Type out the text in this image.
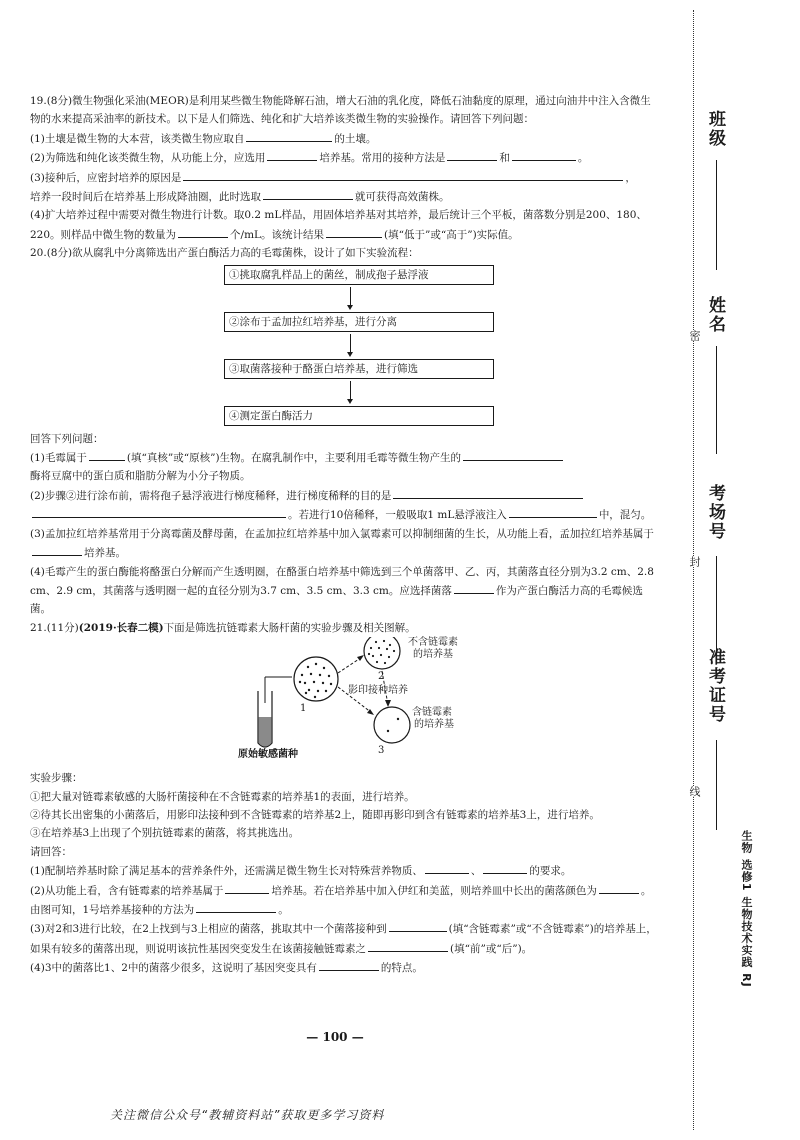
19.(8分)微生物强化采油(MEOR)是利用某些微生物能降解石油，增大石油的乳化度，降低石油黏度的原理，通过向油井中注入含微生物的水来提高采油率的新技术。以下是人们筛选、纯化和扩大培养该类微生物的实验操作。请回答下列问题：

(1)土壤是微生物的大本营，该类微生物应取自	的土壤。

(2)为筛选和纯化该类微生物，从功能上分，应选用	培养基。常用的接种方法是	和	。

(3)接种后，应密封培养的原因是	，
培养一段时间后在培养基上形成降油圈，此时选取	就可获得高效菌株。

(4)扩大培养过程中需要对微生物进行计数。取0.2 mL样品，用固体培养基对其培养，最后统计三个平板，菌落数分别是200、180、220。则样品中微生物的数量为	个/mL。该统计结果	(填“低于”或“高于”)实际值。

20.(8分)欲从腐乳中分离筛选出产蛋白酶活力高的毛霉菌株，设计了如下实验流程：

①挑取腐乳样品上的菌丝，制成孢子悬浮液
②涂布于孟加拉红培养基，进行分离
③取菌落接种于酪蛋白培养基，进行筛选
④测定蛋白酶活力

回答下列问题：

(1)毛霉属于	(填“真核”或“原核”)生物。在腐乳制作中，主要利用毛霉等微生物产生的
酶将豆腐中的蛋白质和脂肪分解为小分子物质。

(2)步骤②进行涂布前，需将孢子悬浮液进行梯度稀释，进行梯度稀释的目的是
。若进行10倍稀释，一般吸取1 mL悬浮液注入	中，混匀。

(3)孟加拉红培养基常用于分离霉菌及酵母菌，在孟加拉红培养基中加入氯霉素可以抑制细菌的生长，从功能上看，孟加拉红培养基属于培养基。

(4)毛霉产生的蛋白酶能将酪蛋白分解而产生透明圈，在酪蛋白培养基中筛选到三个单菌落甲、乙、丙，其菌落直径分别为3.2 cm、2.8 cm、2.9 cm，其菌落与透明圈一起的直径分别为3.7 cm、3.5 cm、3.3 cm。应选择菌落	作为产蛋白酶活力高的毛霉候选菌。

21.(11分)(2019·长春二模)下面是筛选抗链霉素大肠杆菌的实验步骤及相关图解。

不含链霉素
的培养基
2
影印接种培养
1	含链霉素
的培养基
3
原始敏感菌种

实验步骤：

①把大量对链霉素敏感的大肠杆菌接种在不含链霉素的培养基1的表面，进行培养。

②待其长出密集的小菌落后，用影印法接种到不含链霉素的培养基2上，随即再影印到含有链霉素的培养基3上，进行培养。

③在培养基3上出现了个别抗链霉素的菌落，将其挑选出。

请回答：

(1)配制培养基时除了满足基本的营养条件外，还需满足微生物生长对特殊营养物质、	、	的要求。

(2)从功能上看，含有链霉素的培养基属于	培养基。若在培养基中加入伊红和美蓝，则培养皿中长出的菌落颜色为	。由图可知，1号培养基接种的方法为	。

(3)对2和3进行比较，在2上找到与3上相应的菌落，挑取其中一个菌落接种到	(填“含链霉素”或“不含链霉素”)的培养基上，如果有较多的菌落出现，则说明该抗性基因突变发生在该菌接触链霉素之	(填“前”或“后”)。

(4)3中的菌落比1、2中的菌落少很多，这说明了基因突变具有	的特点。

— 100 —
关注微信公众号“教辅资料站”获取更多学习资料
班级
姓名
考场号
准考证号
密
封
线
生物 选修1 生物技术实践 RJ
